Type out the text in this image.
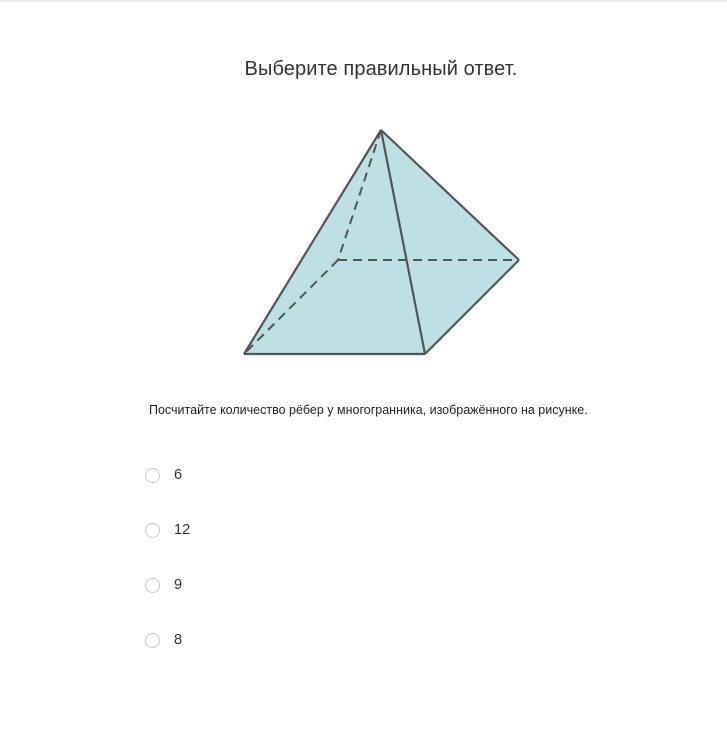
Выберите правильный ответ.
Посчитайте количество рёбер у многогранника, изображённого на рисунке.
6
12
9
8
